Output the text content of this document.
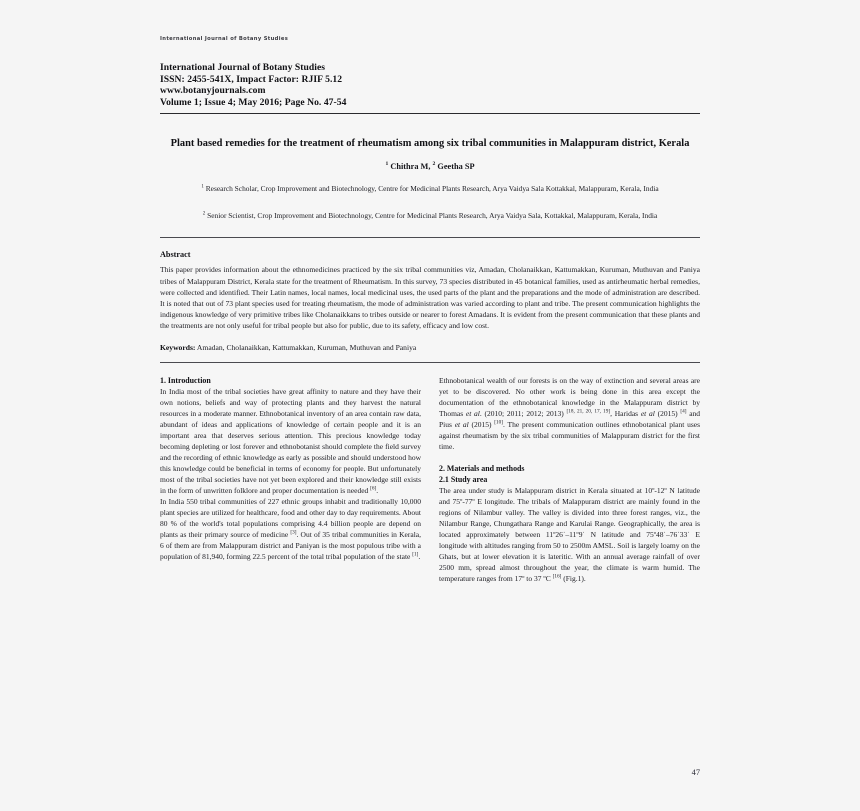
International Journal of Botany Studies
International Journal of Botany Studies
ISSN: 2455-541X, Impact Factor: RJIF 5.12
www.botanyjournals.com
Volume 1; Issue 4; May 2016; Page No. 47-54
Plant based remedies for the treatment of rheumatism among six tribal communities in Malappuram district, Kerala
$^1$ Chithra M, $^2$ Geetha SP
$^1$ Research Scholar, Crop Improvement and Biotechnology, Centre for Medicinal Plants Research, Arya Vaidya Sala Kottakkal, Malappuram, Kerala, India
$^2$ Senior Scientist, Crop Improvement and Biotechnology, Centre for Medicinal Plants Research, Arya Vaidya Sala, Kottakkal, Malappuram, Kerala, India
Abstract
This paper provides information about the ethnomedicines practiced by the six tribal communities viz, Amadan, Cholanaikkan, Kattumakkan, Kuruman, Muthuvan and Paniya tribes of Malappuram District, Kerala state for the treatment of Rheumatism. In this survey, 73 species distributed in 45 botanical families, used as antirheumatic herbal remedies, were collected and identified. Their Latin names, local names, local medicinal uses, the used parts of the plant and the preparations and the mode of administration are described. It is noted that out of 73 plant species used for treating rheumatism, the mode of administration was varied according to plant and tribe. The present communication highlights the indigenous knowledge of very primitive tribes like Cholanaikkans to tribes outside or nearer to forest Amadans. It is evident from the present communication that these plants and the treatments are not only useful for tribal people but also for public, due to its safety, efficacy and low cost.
Keywords: Amadan, Cholanaikkan, Kattumakkan, Kuruman, Muthuvan and Paniya
1. Introduction

In India most of the tribal societies have great affinity to nature and they have their own notions, beliefs and way of protecting plants and they harvest the natural resources in a moderate manner. Ethnobotanical inventory of an area contain raw data, abundant of ideas and applications of knowledge of certain people and it is an important area that deserves serious attention. This precious knowledge today becoming depleting or lost forever and ethnobotanist should complete the field survey and the recording of ethnic knowledge as early as possible and should understood how this knowledge could be beneficial in terms of economy for people. But unfortunately most of the tribal societies have not yet been explored and their knowledge still exists in the form of unwritten folklore and proper documentation is needed [6].

In India 550 tribal communities of 227 ethnic groups inhabit and traditionally 10,000 plant species are utilized for healthcare, food and other day to day requirements. About 80 % of the world's total populations comprising 4.4 billion people are depend on plants as their primary source of medicine [3]. Out of 35 tribal communities in Kerala, 6 of them are from Malappuram district and Paniyan is the most populous tribe with a population of 81,940, forming 22.5 percent of the total tribal population of the state [1].

Ethnobotanical wealth of our forests is on the way of extinction and several areas are yet to be discovered. No other work is being done in this area except the documentation of the ethnobotanical knowledge in the Malappuram district by Thomas et al. (2010; 2011; 2012; 2013) [18, 21, 20, 17, 19], Haridas et al (2015) [4] and Pius et al (2015) [10]. The present communication outlines ethnobotanical plant uses against rheumatism by the six tribal communities of Malappuram district for the first time.

2. Materials and methods
2.1 Study area

The area under study is Malappuram district in Kerala situated at 10º-12º N latitude and 75º-77º E longitude. The tribals of Malappuram district are mainly found in the regions of Nilambur valley. The valley is divided into three forest ranges, viz., the Nilambur Range, Chungathara Range and Karulai Range. Geographically, the area is located approximately between 11º26ˈ–11º9ˈ N latitude and 75º48ˈ–76ˈ33ˈ E longitude with altitudes ranging from 50 to 2500m AMSL. Soil is largely loamy on the Ghats, but at lower elevation it is lateritic. With an annual average rainfall of over 2500 mm, spread almost throughout the year, the climate is warm humid. The temperature ranges from 17º to 37 ºC [16] (Fig.1).

47
